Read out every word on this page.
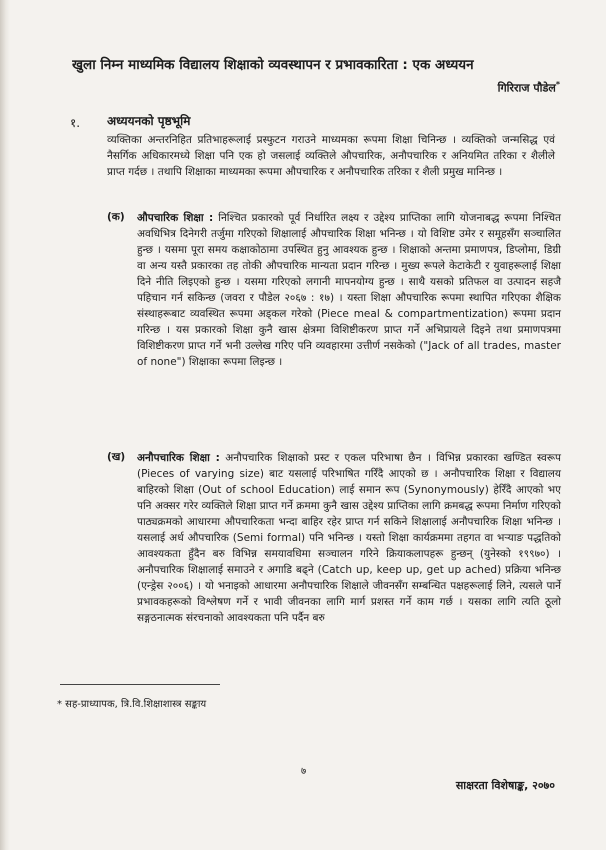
खुला निम्न माध्यमिक विद्यालय शिक्षाको व्यवस्थापन र प्रभावकारिता : एक अध्ययन
गिरिराज पौडेल*
१. अध्ययनको पृष्ठभूमि

व्यक्तिका अन्तरनिहित प्रतिभाहरूलाई प्रस्फुटन गराउने माध्यमका रूपमा शिक्षा चिनिन्छ । व्यक्तिको जन्मसिद्ध एवं नैसर्गिक अधिकारमध्ये शिक्षा पनि एक हो जसलाई व्यक्तिले औपचारिक, अनौपचारिक र अनियमित तरिका र शैलीले प्राप्त गर्दछ । तथापि शिक्षाका माध्यमका रूपमा औपचारिक र अनौपचारिक तरिका र शैली प्रमुख मानिन्छ ।

(क) औपचारिक शिक्षा : निश्चित प्रकारको पूर्व निर्धारित लक्ष्य र उद्देश्य प्राप्तिका लागि योजनाबद्ध रूपमा निश्चित अवधिभित्र दिनेगरी तर्जुमा गरिएको शिक्षालाई औपचारिक शिक्षा भनिन्छ । यो विशिष्ट उमेर र समूहसँग सञ्चालित हुन्छ । यसमा पूरा समय कक्षाकोठामा उपस्थित हुनु आवश्यक हुन्छ । शिक्षाको अन्तमा प्रमाणपत्र, डिप्लोमा, डिग्री वा अन्य यस्तै प्रकारका तह तोकी औपचारिक मान्यता प्रदान गरिन्छ । मुख्य रूपले केटाकेटी र युवाहरूलाई शिक्षा दिने नीति लिइएको हुन्छ । यसमा गरिएको लगानी मापनयोग्य हुन्छ । साथै यसको प्रतिफल वा उत्पादन सहजै पहिचान गर्न सकिन्छ (जवरा र पौडेल २०६७ : १७) । यस्ता शिक्षा औपचारिक रूपमा स्थापित गरिएका शैक्षिक संस्थाहरूबाट व्यवस्थित रूपमा अड्कल गरेको (Piece meal & compartmentization) रूपमा प्रदान गरिन्छ । यस प्रकारको शिक्षा कुनै खास क्षेत्रमा विशिष्टीकरण प्राप्त गर्ने अभिप्रायले दिइने तथा प्रमाणपत्रमा विशिष्टीकरण प्राप्त गर्ने भनी उल्लेख गरिए पनि व्यवहारमा उत्तीर्ण नसकेको ("Jack of all trades, master of none") शिक्षाका रूपमा लिइन्छ ।

(ख) अनौपचारिक शिक्षा : अनौपचारिक शिक्षाको प्रस्ट र एकल परिभाषा छैन । विभिन्न प्रकारका खण्डित स्वरूप (Pieces of varying size) बाट यसलाई परिभाषित गरिँदै आएको छ । अनौपचारिक शिक्षा र विद्यालय बाहिरको शिक्षा (Out of school Education) लाई समान रूप (Synonymously) हेरिँदै आएको भए पनि अक्सर गरेर व्यक्तिले शिक्षा प्राप्त गर्ने क्रममा कुनै खास उद्देश्य प्राप्तिका लागि क्रमबद्ध रूपमा निर्माण गरिएको पाठ्यक्रमको आधारमा औपचारिकता भन्दा बाहिर रहेर प्राप्त गर्न सकिने शिक्षालाई अनौपचारिक शिक्षा भनिन्छ । यसलाई अर्ध औपचारिक (Semi formal) पनि भनिन्छ । यस्तो शिक्षा कार्यक्रममा तहगत वा भऱ्याङ पद्धतिको आवश्यकता हुँदैन बरु विभिन्न समयावधिमा सञ्चालन गरिने क्रियाकलापहरू हुन्छन् (युनेस्को १९९७०) । अनौपचारिक शिक्षालाई समाउने र अगाडि बढ्ने (Catch up, keep up, get up ached) प्रक्रिया भनिन्छ (एन्ड्रेस २००६) । यो भनाइको आधारमा अनौपचारिक शिक्षाले जीवनसँग सम्बन्धित पक्षहरूलाई लिने, त्यसले पार्ने प्रभावकहरूको विश्लेषण गर्ने र भावी जीवनका लागि मार्ग प्रशस्त गर्ने काम गर्छ । यसका लागि त्यति ठूलो सङ्गठनात्मक संरचनाको आवश्यकता पनि पर्दैन बरु

* सह-प्राध्यापक, त्रि.वि.शिक्षाशास्त्र सङ्काय
७
साक्षरता विशेषाङ्क, २०७०
